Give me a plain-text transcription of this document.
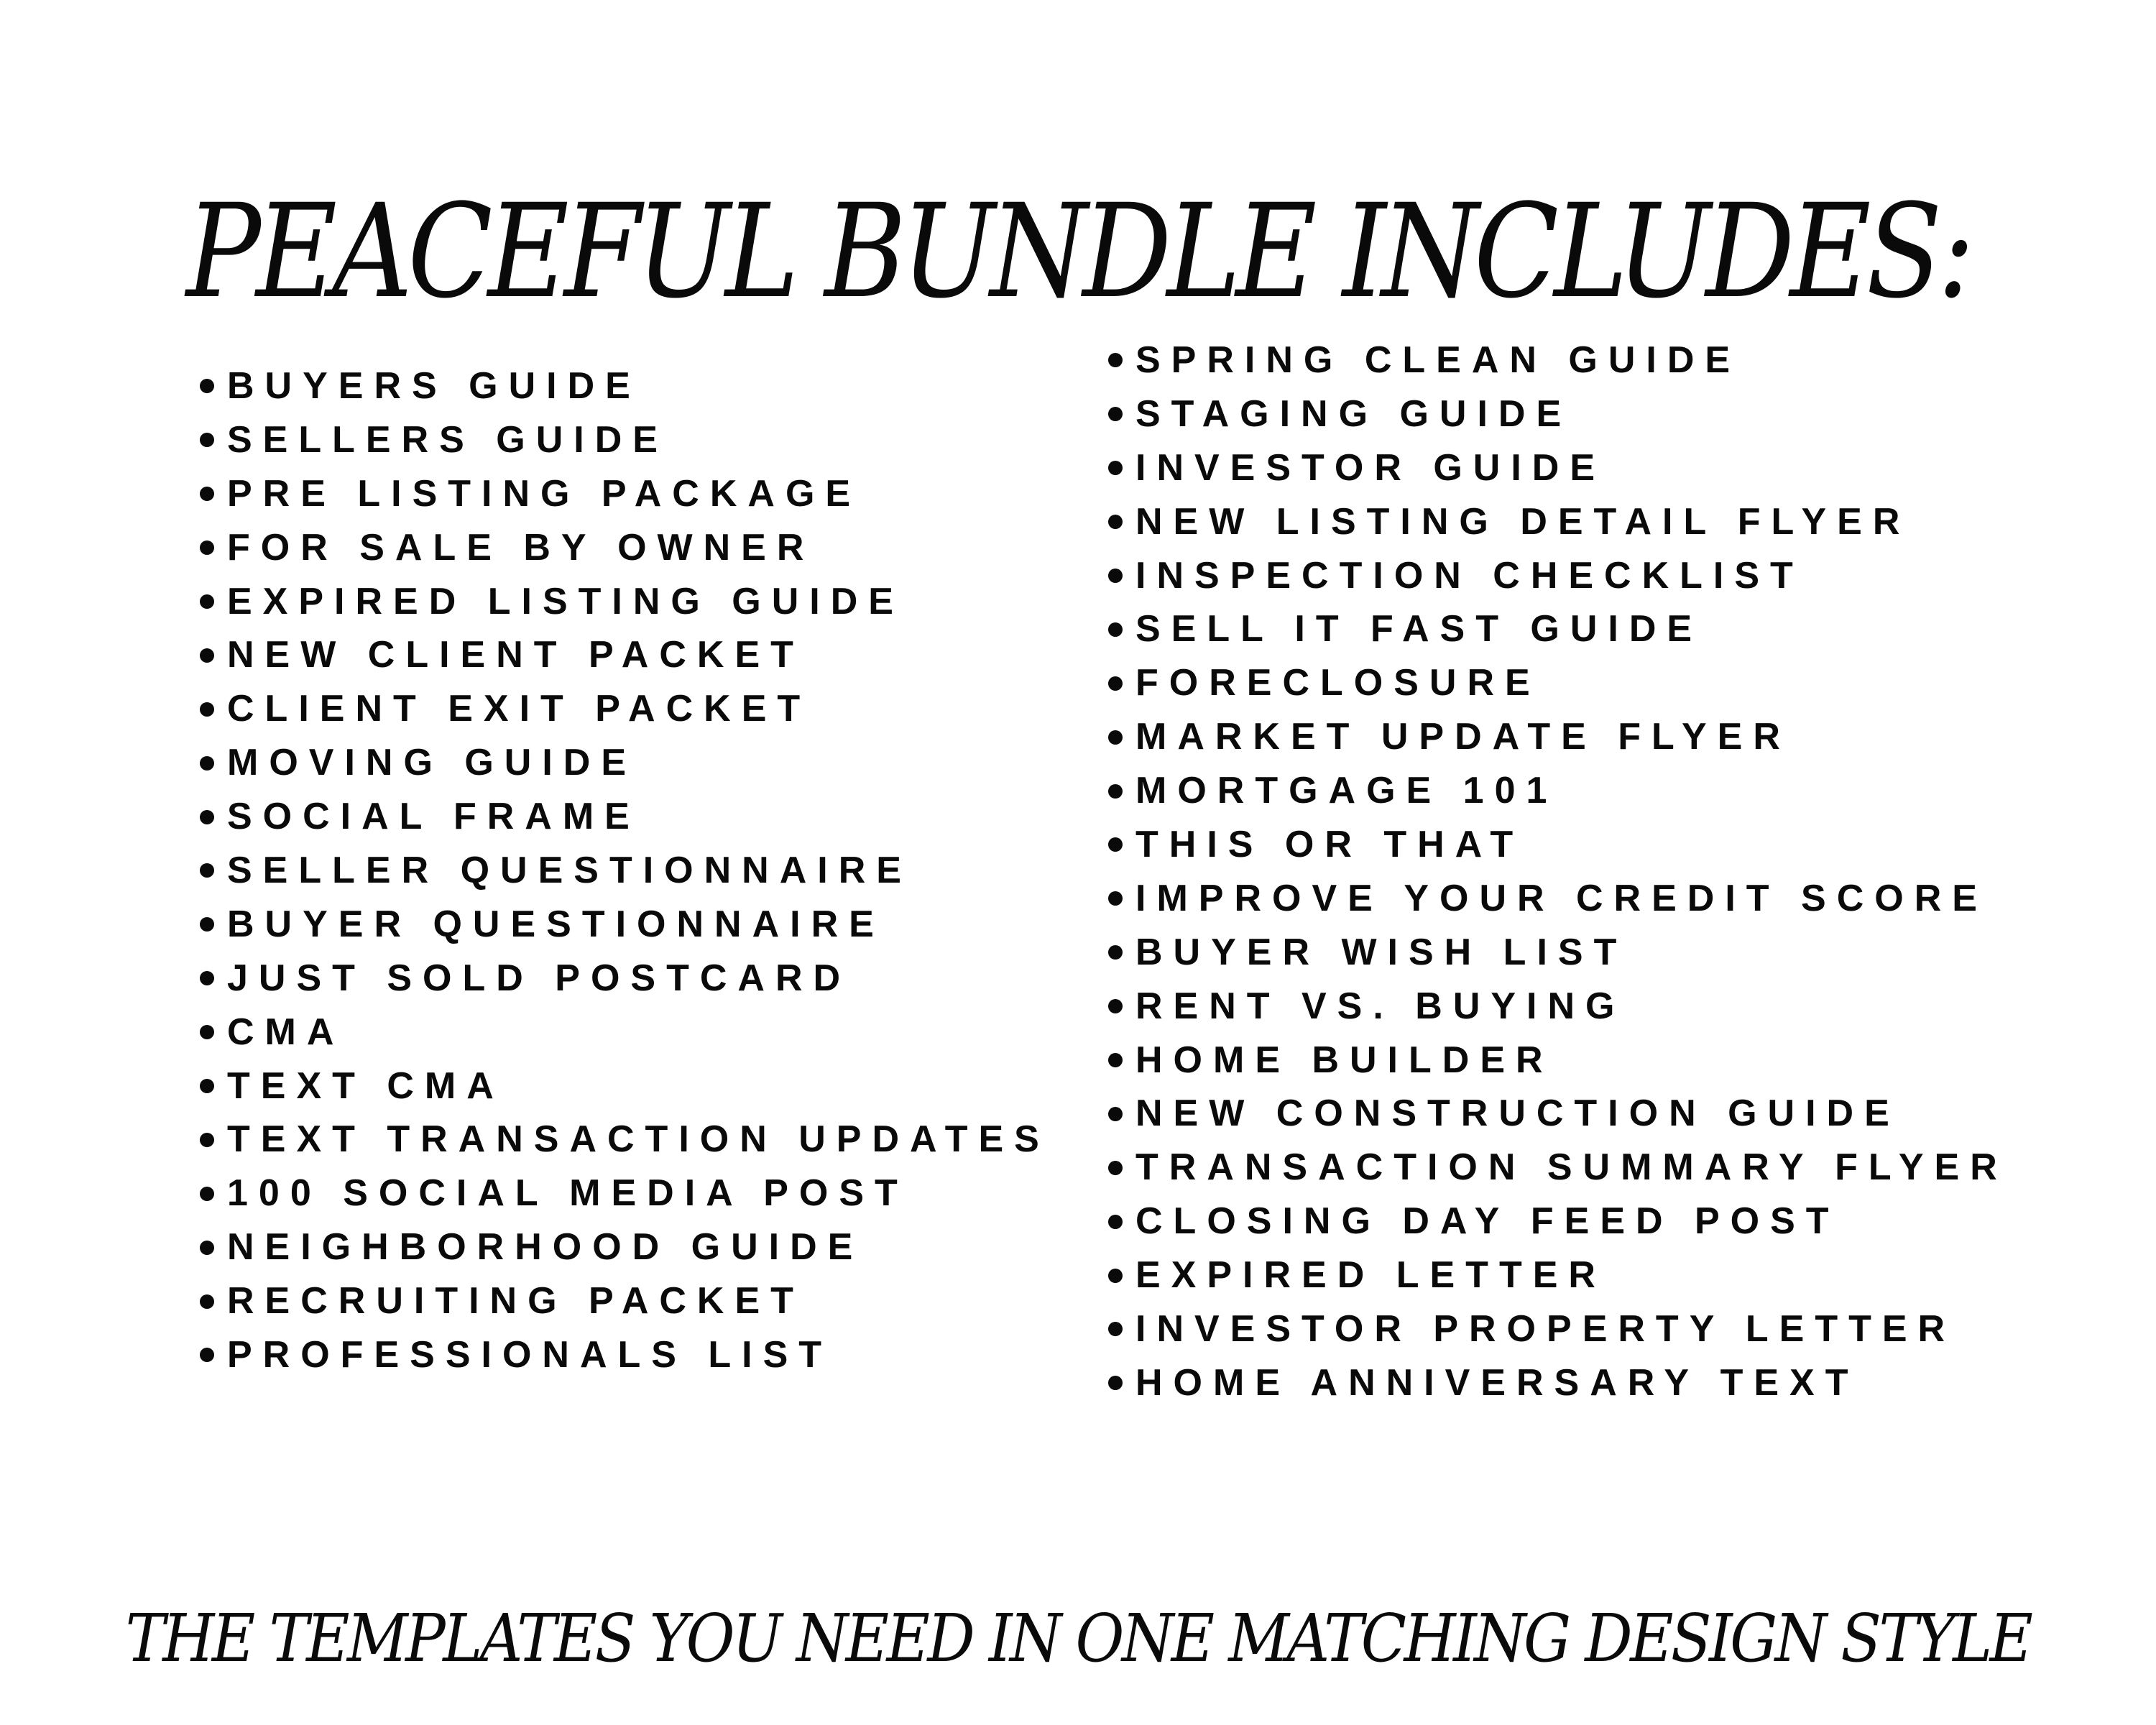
PEACEFUL BUNDLE INCLUDES:
BUYERS GUIDE
SELLERS GUIDE
PRE LISTING PACKAGE
FOR SALE BY OWNER
EXPIRED LISTING GUIDE
NEW CLIENT PACKET
CLIENT EXIT PACKET
MOVING GUIDE
SOCIAL FRAME
SELLER QUESTIONNAIRE
BUYER QUESTIONNAIRE
JUST SOLD POSTCARD
CMA
TEXT CMA
TEXT TRANSACTION UPDATES
100 SOCIAL MEDIA POST
NEIGHBORHOOD GUIDE
RECRUITING PACKET
PROFESSIONALS LIST
SPRING CLEAN GUIDE
STAGING GUIDE
INVESTOR GUIDE
NEW LISTING DETAIL FLYER
INSPECTION CHECKLIST
SELL IT FAST GUIDE
FORECLOSURE
MARKET UPDATE FLYER
MORTGAGE 101
THIS OR THAT
IMPROVE YOUR CREDIT SCORE
BUYER WISH LIST
RENT VS. BUYING
HOME BUILDER
NEW CONSTRUCTION GUIDE
TRANSACTION SUMMARY FLYER
CLOSING DAY FEED POST
EXPIRED LETTER
INVESTOR PROPERTY LETTER
HOME ANNIVERSARY TEXT
THE TEMPLATES YOU NEED IN ONE MATCHING DESIGN STYLE
